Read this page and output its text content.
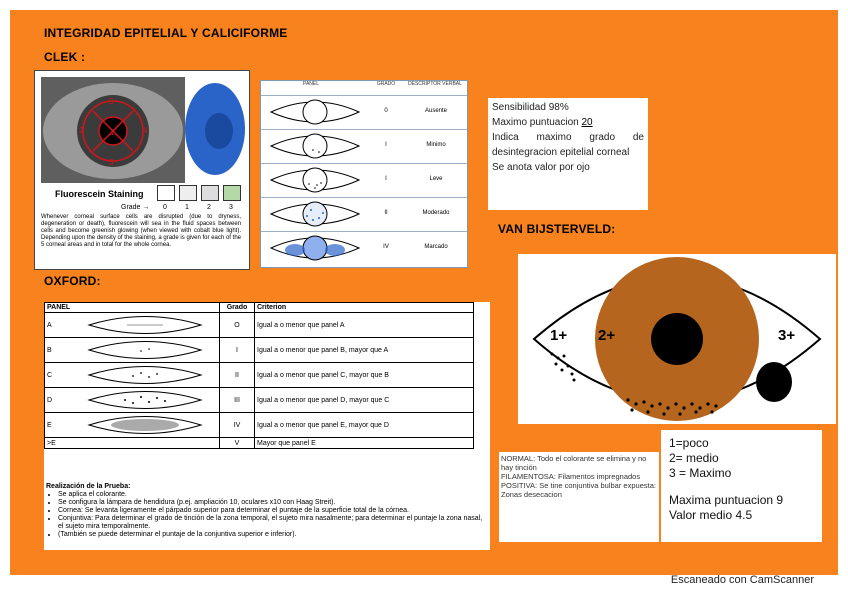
INTEGRIDAD EPITELIAL Y CALICIFORME
CLEK :
5
2	1
3
4
Fluorescein Staining
Grade → 0	1	2	3
Whenever corneal surface cells are disrupted (due to dryness, degeneration or death), fluorescein will sea in the fluid spaces between cells and become greenish glowing (when viewed with cobalt blue light). Depending upon the density of the staining, a grade is given for each of the 5 corneal areas and in total for the whole cornea.
PANEL	GRADO	DESCRIPTOR VERBAL
0	Ausente
I	Minimo
I	Leve
II	Moderado
IV	Marcado
OXFORD:
PANEL	Grado	Criterion
A	O	Igual a o menor que panel A
B	I	Igual a o menor que panel B, mayor que A
C	II	Igual a o menor que panel C, mayor que B
D	III	Igual a o menor que panel D, mayor que C
E	IV	Igual a o menor que panel E, mayor que D
>E	V	Mayor que panel E
Realización de la Prueba:
• Se aplica el colorante.
• Se configura la lámpara de hendidura (p.ej. ampliación 10, oculares x10 con Haag Streit).
• Cornea: Se levanta ligeramente el párpado superior para determinar el puntaje de la superficie total de la córnea.
• Conjuntiva: Para determinar el grado de tinción de la zona temporal, el sujeto mira nasalmente; para determinar el puntaje la zona nasal, el sujeto mira temporalmente.
• (También se puede determinar el puntaje de la conjuntiva superior e inferior).
Sensibilidad 98%
Maximo puntuacion 20
Indica maximo grado de desintegracion epitelial corneal
Se anota valor por ojo
VAN BIJSTERVELD:
1+ 2+	3+
NORMAL: Todo el colorante se elimina y no hay tinción
FILAMENTOSA: Filamentos impregnados
POSITIVA: Se tine conjuntiva bulbar expuesta: Zonas desecacion
1=poco
2= medio
3 = Maximo
Maxima puntuacion 9
Valor medio 4.5
Escaneado con CamScanner
